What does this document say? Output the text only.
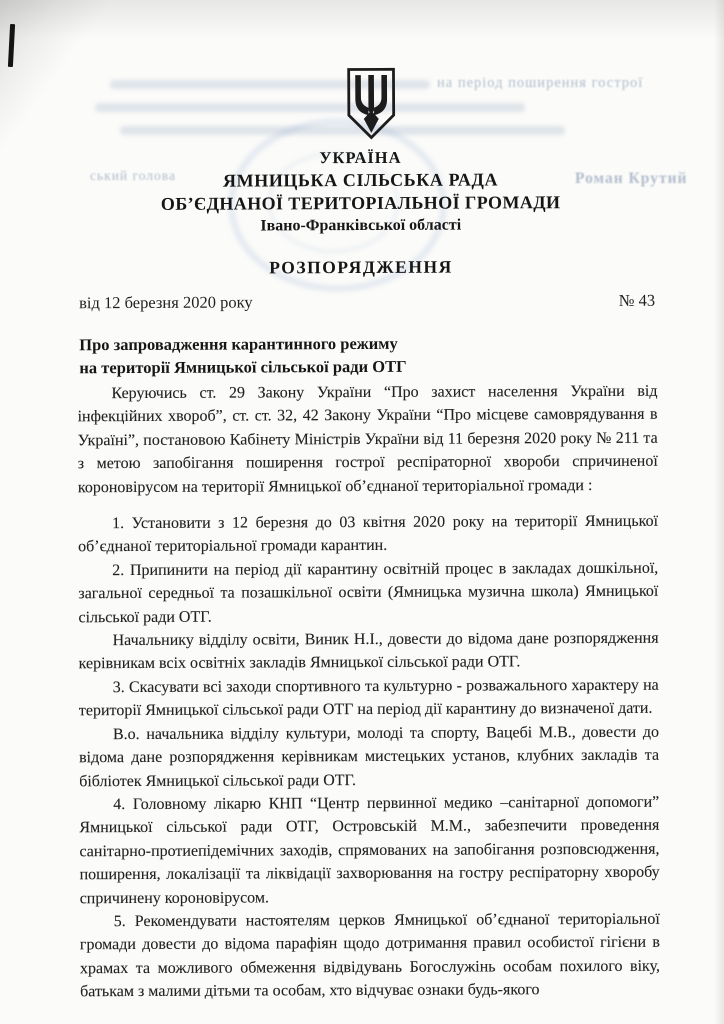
на період поширення гострої
ський голова	Роман Крутий
УКРАЇНА
ЯМНИЦЬКА СІЛЬСЬКА РАДА
ОБ’ЄДНАНОЇ ТЕРИТОРІАЛЬНОЇ ГРОМАДИ
Івано-Франківської області
РОЗПОРЯДЖЕННЯ
від 12 березня 2020 року	№ 43
Про запровадження карантинного режиму
на території Ямницької сільської ради ОТГ

Керуючись ст. 29 Закону України “Про захист населення України від інфекційних хвороб”, ст. ст. 32, 42 Закону України “Про місцеве самоврядування в Україні”, постановою Кабінету Міністрів України від 11 березня 2020 року № 211 та з метою запобігання поширення гострої респіраторної хвороби спричиненої короновірусом на території Ямницької об’єднаної територіальної громади :

1. Установити з 12 березня до 03 квітня 2020 року на території Ямницької об’єднаної територіальної громади карантин.

2. Припинити на період дії карантину освітній процес в закладах дошкільної, загальної середньої та позашкільної освіти (Ямницька музична школа) Ямницької сільської ради ОТГ.

Начальнику відділу освіти, Виник Н.І., довести до відома дане розпорядження керівникам всіх освітніх закладів Ямницької сільської ради ОТГ.

3. Скасувати всі заходи спортивного та культурно - розважального характеру на території Ямницької сільської ради ОТГ на період дії карантину до визначеної дати.

В.о. начальника відділу культури, молоді та спорту, Вацебі М.В., довести до відома дане розпорядження керівникам мистецьких установ, клубних закладів та бібліотек Ямницької сільської ради ОТГ.

4. Головному лікарю КНП “Центр первинної медико –санітарної допомоги” Ямницької сільської ради ОТГ, Островській М.М., забезпечити проведення санітарно-протиепідемічних заходів, спрямованих на запобігання розповсюдження, поширення, локалізації та ліквідації захворювання на гостру респіраторну хворобу спричинену короновірусом.

5. Рекомендувати настоятелям церков Ямницької об’єднаної територіальної громади довести до відома парафіян щодо дотримання правил особистої гігієни в храмах та можливого обмеження відвідувань Богослужінь особам похилого віку, батькам з малими дітьми та особам, хто відчуває ознаки будь-якого
